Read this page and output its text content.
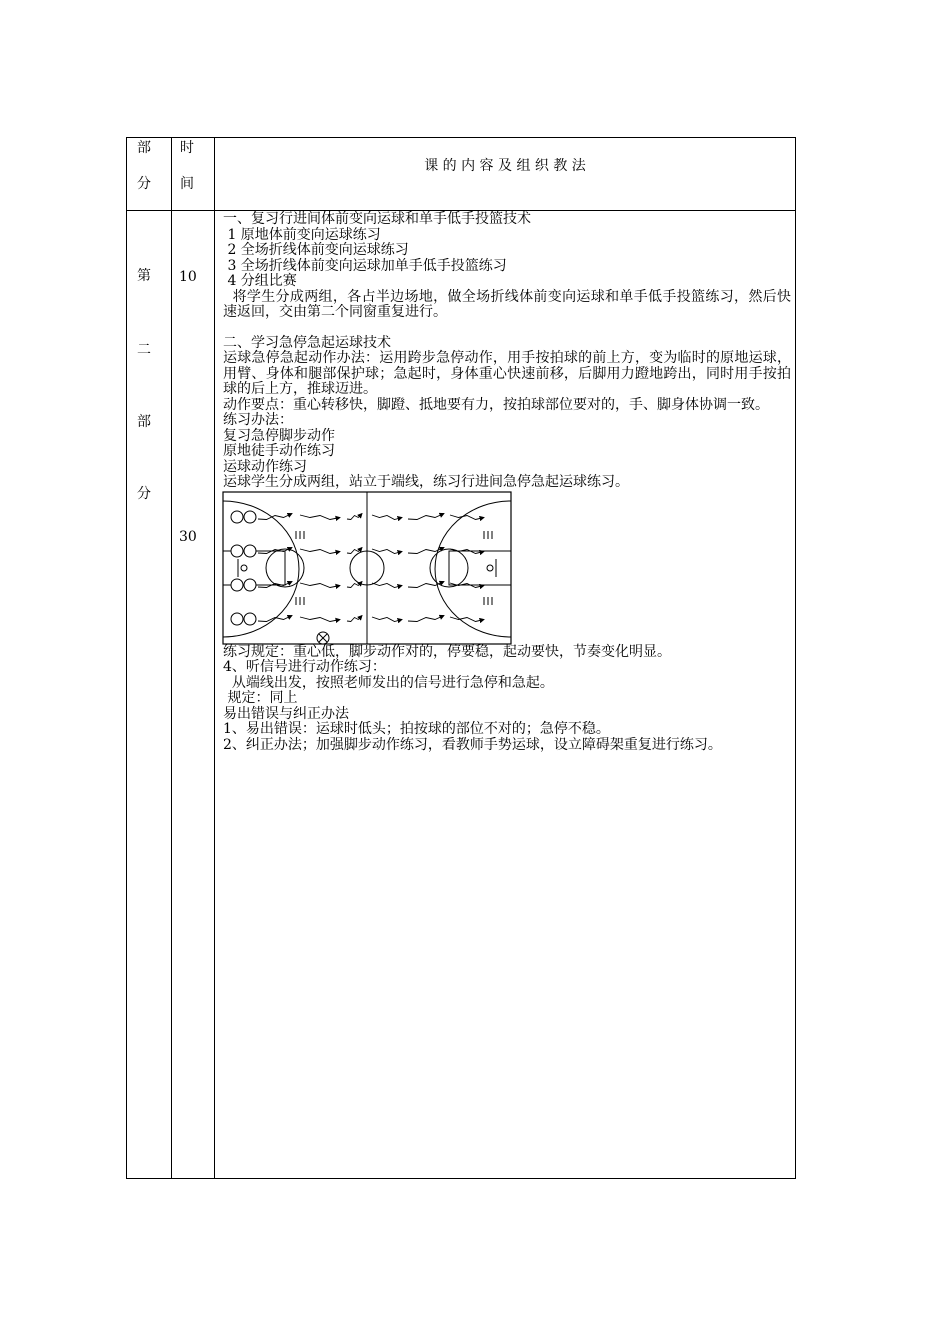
部
分
时
间
课 的 内 容 及 组 织 教 法
第
二
部
分
10
30

一、复习行进间体前变向运球和单手低手投篮技术

1 原地体前变向运球练习

2 全场折线体前变向运球练习

3 全场折线体前变向运球加单手低手投篮练习

4 分组比赛

将学生分成两组，各占半边场地，做全场折线体前变向运球和单手低手投篮练习，然后快速返回，交由第二个同窗重复进行。

二、学习急停急起运球技术

运球急停急起动作办法：运用跨步急停动作，用手按拍球的前上方，变为临时的原地运球，用臂、身体和腿部保护球；急起时，身体重心快速前移，后脚用力蹬地跨出，同时用手按拍球的后上方，推球迈进。

动作要点：重心转移快，脚蹬、抵地要有力，按拍球部位要对的，手、脚身体协调一致。

练习办法：

复习急停脚步动作

原地徒手动作练习

运球动作练习

运球学生分成两组，站立于端线，练习行进间急停急起运球练习。

练习规定：重心低，脚步动作对的，停要稳，起动要快，节奏变化明显。

4、听信号进行动作练习：

从端线出发，按照老师发出的信号进行急停和急起。

规定：同上

易出错误与纠正办法

1、易出错误：运球时低头；拍按球的部位不对的；急停不稳。

2、纠正办法；加强脚步动作练习，看教师手势运球，设立障碍架重复进行练习。
